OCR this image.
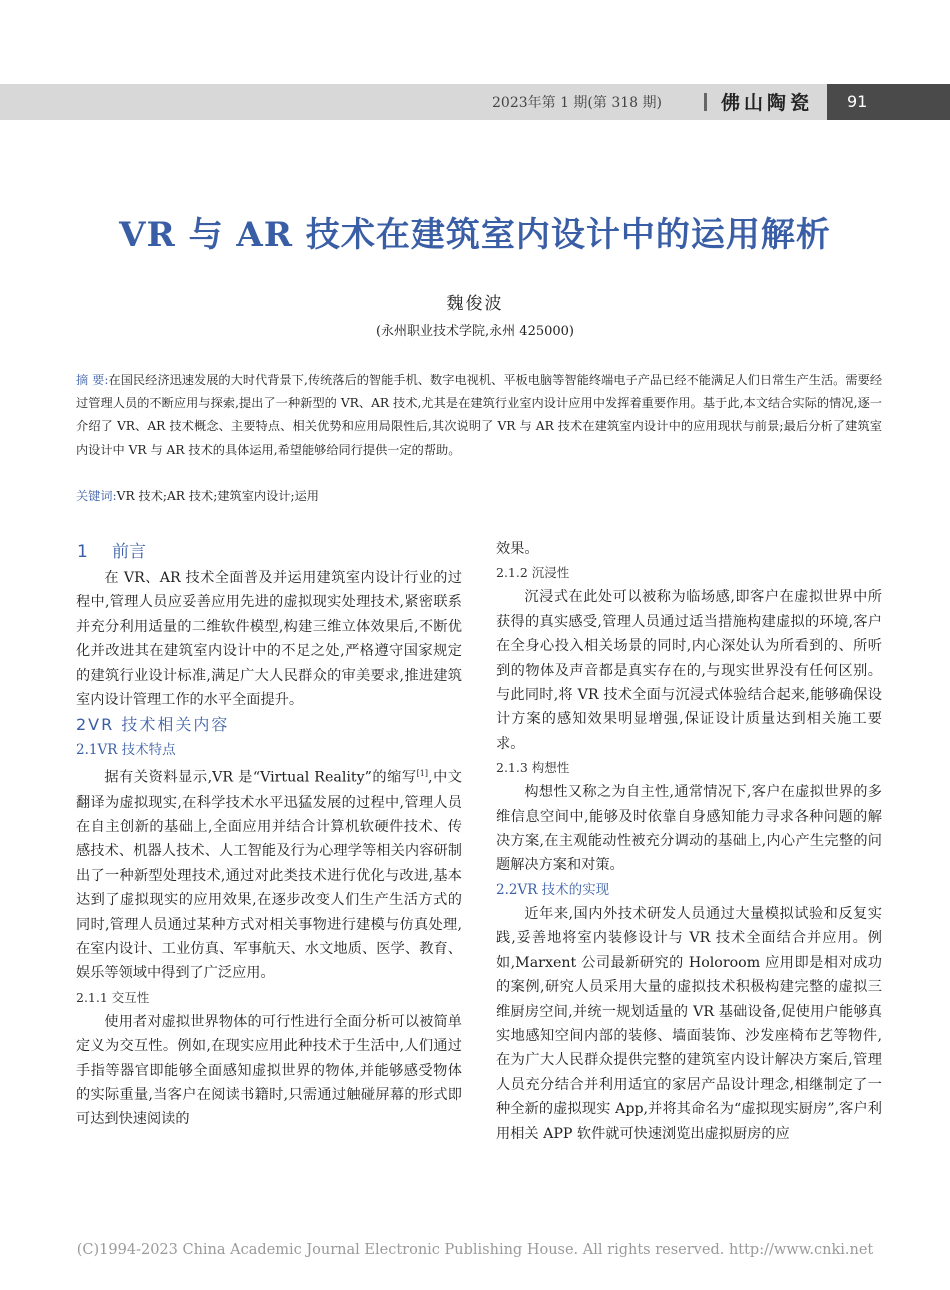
2023年第 1 期(第 318 期)	佛山陶瓷 91
VR 与 AR 技术在建筑室内设计中的运用解析
魏俊波
(永州职业技术学院,永州 425000)
摘 要:在国民经济迅速发展的大时代背景下,传统落后的智能手机、数字电视机、平板电脑等智能终端电子产品已经不能满足人们日常生产生活。需要经过管理人员的不断应用与探索,提出了一种新型的 VR、AR 技术,尤其是在建筑行业室内设计应用中发挥着重要作用。基于此,本文结合实际的情况,逐一介绍了 VR、AR 技术概念、主要特点、相关优势和应用局限性后,其次说明了 VR 与 AR 技术在建筑室内设计中的应用现状与前景;最后分析了建筑室内设计中 VR 与 AR 技术的具体运用,希望能够给同行提供一定的帮助。
关键词:VR 技术;AR 技术;建筑室内设计;运用
1 前言

在 VR、AR 技术全面普及并运用建筑室内设计行业的过程中,管理人员应妥善应用先进的虚拟现实处理技术,紧密联系并充分利用适量的二维软件模型,构建三维立体效果后,不断优化并改进其在建筑室内设计中的不足之处,严格遵守国家规定的建筑行业设计标准,满足广大人民群众的审美要求,推进建筑室内设计管理工作的水平全面提升。

2VR 技术相关内容
2.1VR 技术特点

据有关资料显示,VR 是“Virtual Reality”的缩写[1],中文翻译为虚拟现实,在科学技术水平迅猛发展的过程中,管理人员在自主创新的基础上,全面应用并结合计算机软硬件技术、传感技术、机器人技术、人工智能及行为心理学等相关内容研制出了一种新型处理技术,通过对此类技术进行优化与改进,基本达到了虚拟现实的应用效果,在逐步改变人们生产生活方式的同时,管理人员通过某种方式对相关事物进行建模与仿真处理,在室内设计、工业仿真、军事航天、水文地质、医学、教育、娱乐等领域中得到了广泛应用。

2.1.1 交互性

使用者对虚拟世界物体的可行性进行全面分析可以被简单定义为交互性。例如,在现实应用此种技术于生活中,人们通过手指等器官即能够全面感知虚拟世界的物体,并能够感受物体的实际重量,当客户在阅读书籍时,只需通过触碰屏幕的形式即可达到快速阅读的

效果。

2.1.2 沉浸性

沉浸式在此处可以被称为临场感,即客户在虚拟世界中所获得的真实感受,管理人员通过适当措施构建虚拟的环境,客户在全身心投入相关场景的同时,内心深处认为所看到的、所听到的物体及声音都是真实存在的,与现实世界没有任何区别。与此同时,将 VR 技术全面与沉浸式体验结合起来,能够确保设计方案的感知效果明显增强,保证设计质量达到相关施工要求。

2.1.3 构想性

构想性又称之为自主性,通常情况下,客户在虚拟世界的多维信息空间中,能够及时依靠自身感知能力寻求各种问题的解决方案,在主观能动性被充分调动的基础上,内心产生完整的问题解决方案和对策。

2.2VR 技术的实现

近年来,国内外技术研发人员通过大量模拟试验和反复实践,妥善地将室内装修设计与 VR 技术全面结合并应用。例如,Marxent 公司最新研究的 Holoroom 应用即是相对成功的案例,研究人员采用大量的虚拟技术积极构建完整的虚拟三维厨房空间,并统一规划适量的 VR 基础设备,促使用户能够真实地感知空间内部的装修、墙面装饰、沙发座椅布艺等物件,在为广大人民群众提供完整的建筑室内设计解决方案后,管理人员充分结合并利用适宜的家居产品设计理念,相继制定了一种全新的虚拟现实 App,并将其命名为“虚拟现实厨房”,客户利用相关 APP 软件就可快速浏览出虚拟厨房的应

(C)1994-2023 China Academic Journal Electronic Publishing House. All rights reserved. http://www.cnki.net
